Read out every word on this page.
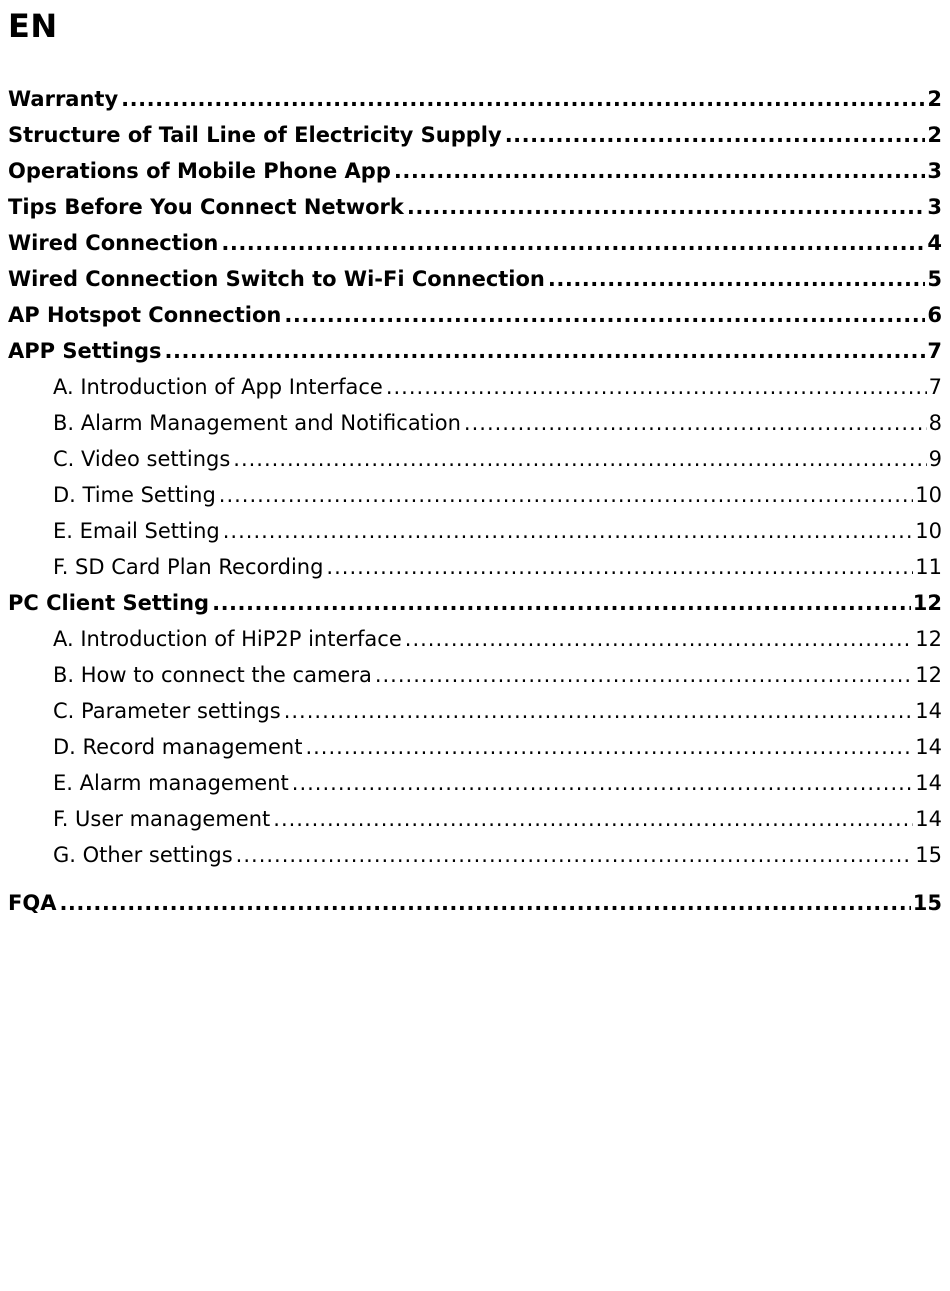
EN
Warranty .....	2
Structure of Tail Line of Electricity Supply .....	2
Operations of Mobile Phone App .....	3
Tips Before You Connect Network .....	3
Wired Connection .....	4
Wired Connection Switch to Wi-Fi Connection .....	5
AP Hotspot Connection .....	6
APP Settings .....	7
A. Introduction of App Interface .....	7
B. Alarm Management and Notification .....	8
C. Video settings .....	9
D. Time Setting .....	10
E. Email Setting .....	10
F. SD Card Plan Recording .....	11
PC Client Setting .....	12
A. Introduction of HiP2P interface .....	12
B. How to connect the camera .....	12
C. Parameter settings .....	14
D. Record management .....	14
E. Alarm management .....	14
F. User management .....	14
G. Other settings .....	15
FQA .....	15
